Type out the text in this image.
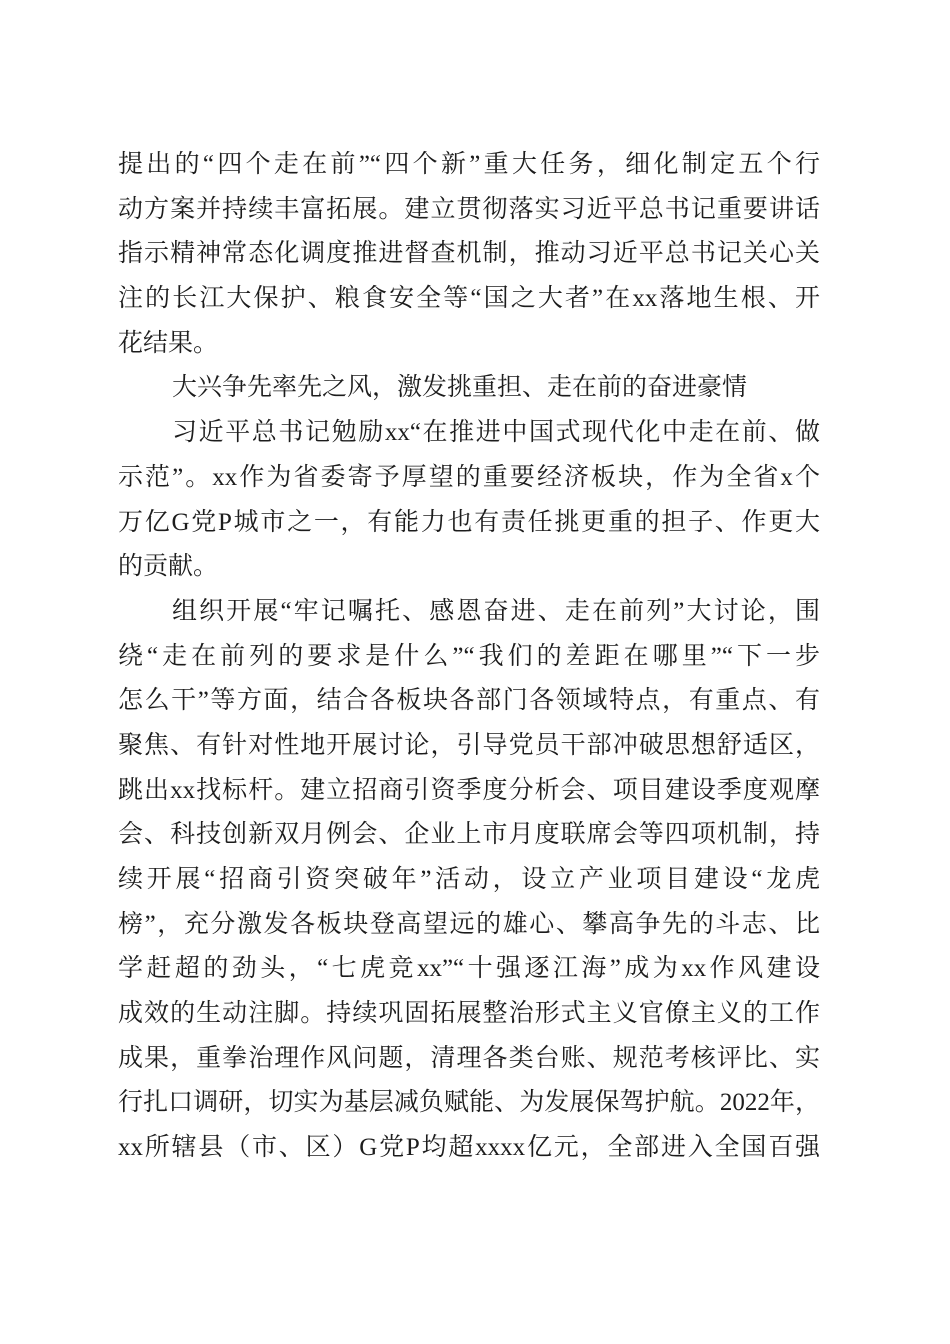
提出的“四个走在前”“四个新”重大任务，细化制定五个行
动方案并持续丰富拓展。建立贯彻落实习近平总书记重要讲话
指示精神常态化调度推进督查机制，推动习近平总书记关心关
注的长江大保护、粮食安全等“国之大者”在xx落地生根、开
花结果。
大兴争先率先之风，激发挑重担、走在前的奋进豪情
习近平总书记勉励xx“在推进中国式现代化中走在前、做
示范”。xx作为省委寄予厚望的重要经济板块，作为全省x个
万亿G党P城市之一，有能力也有责任挑更重的担子、作更大
的贡献。
组织开展“牢记嘱托、感恩奋进、走在前列”大讨论，围
绕“走在前列的要求是什么”“我们的差距在哪里”“下一步
怎么干”等方面，结合各板块各部门各领域特点，有重点、有
聚焦、有针对性地开展讨论，引导党员干部冲破思想舒适区，
跳出xx找标杆。建立招商引资季度分析会、项目建设季度观摩
会、科技创新双月例会、企业上市月度联席会等四项机制，持
续开展“招商引资突破年”活动，设立产业项目建设“龙虎
榜”，充分激发各板块登高望远的雄心、攀高争先的斗志、比
学赶超的劲头，“七虎竞xx”“十强逐江海”成为xx作风建设
成效的生动注脚。持续巩固拓展整治形式主义官僚主义的工作
成果，重拳治理作风问题，清理各类台账、规范考核评比、实
行扎口调研，切实为基层减负赋能、为发展保驾护航。2022年，
xx所辖县（市、区）G党P均超xxxx亿元，全部进入全国百强
